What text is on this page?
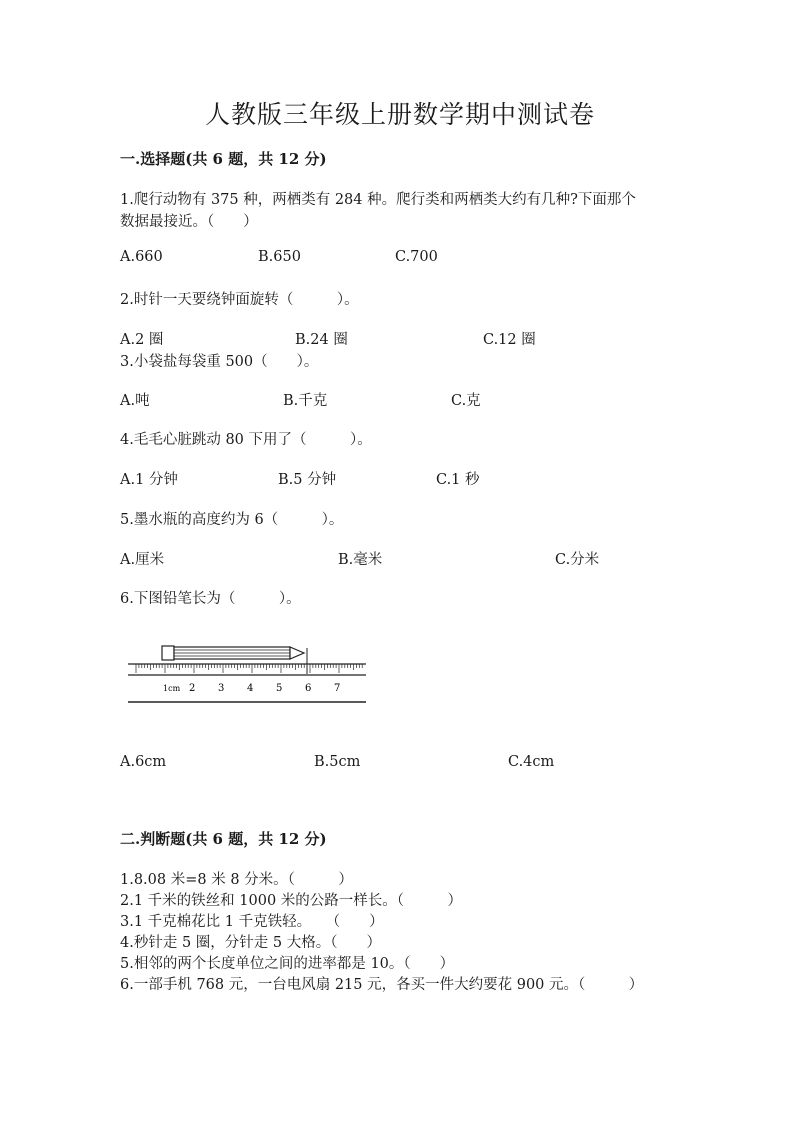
人教版三年级上册数学期中测试卷
一.选择题(共 6 题，共 12 分)
1.爬行动物有 375 种，两栖类有 284 种。爬行类和两栖类大约有几种?下面那个
数据最接近。（　　）
A.660	B.650	C.700
2.时针一天要绕钟面旋转（　　　）。
A.2 圈	B.24 圈	C.12 圈
3.小袋盐每袋重 500（　　）。
A.吨	B.千克	C.克
4.毛毛心脏跳动 80 下用了（　　　）。
A.1 分钟	B.5 分钟	C.1 秒
5.墨水瓶的高度约为 6（　　　）。
A.厘米	B.毫米	C.分米
6.下图铅笔长为（　　　）。
1cm 2 3 4 5 6 7
A.6cm	B.5cm	C.4cm
二.判断题(共 6 题，共 12 分)
1.8.08 米=8 米 8 分米。（　　　）
2.1 千米的铁丝和 1000 米的公路一样长。（　　　）
3.1 千克棉花比 1 千克铁轻。　　（　　）
4.秒针走 5 圈，分针走 5 大格。（　　）
5.相邻的两个长度单位之间的进率都是 10。（　　）
6.一部手机 768 元，一台电风扇 215 元，各买一件大约要花 900 元。（　　　）
